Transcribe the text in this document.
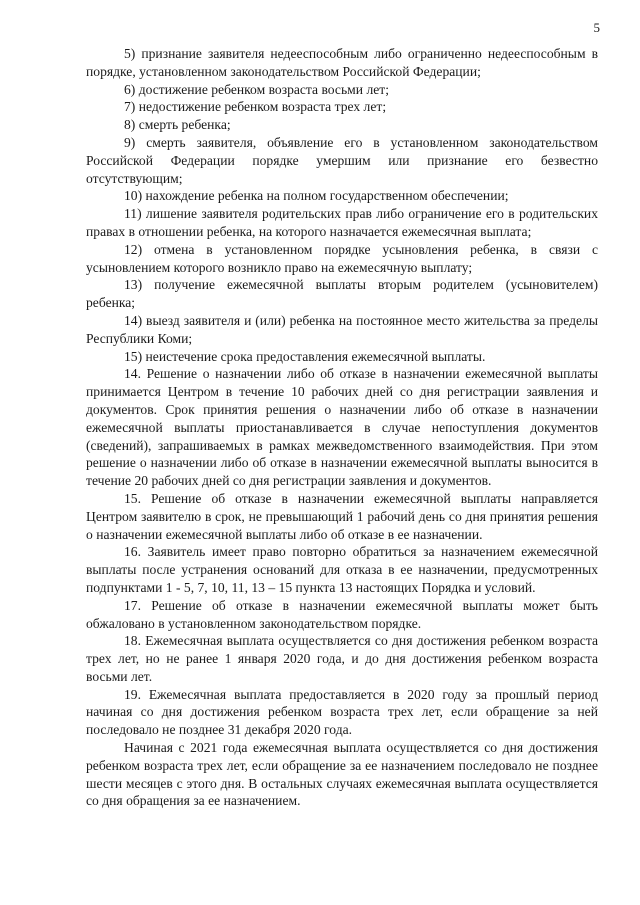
5

5) признание заявителя недееспособным либо ограниченно недееспособным в порядке, установленном законодательством Российской Федерации;

6) достижение ребенком возраста восьми лет;

7) недостижение ребенком возраста трех лет;

8) смерть ребенка;

9) смерть заявителя, объявление его в установленном законодательством Российской Федерации порядке умершим или признание его безвестно отсутствующим;

10) нахождение ребенка на полном государственном обеспечении;

11) лишение заявителя родительских прав либо ограничение его в родительских правах в отношении ребенка, на которого назначается ежемесячная выплата;

12) отмена в установленном порядке усыновления ребенка, в связи с усыновлением которого возникло право на ежемесячную выплату;

13) получение ежемесячной выплаты вторым родителем (усыновителем) ребенка;

14) выезд заявителя и (или) ребенка на постоянное место жительства за пределы Республики Коми;

15) неистечение срока предоставления ежемесячной выплаты.

14. Решение о назначении либо об отказе в назначении ежемесячной выплаты принимается Центром в течение 10 рабочих дней со дня регистрации заявления и документов. Срок принятия решения о назначении либо об отказе в назначении ежемесячной выплаты приостанавливается в случае непоступления документов (сведений), запрашиваемых в рамках межведомственного взаимодействия. При этом решение о назначении либо об отказе в назначении ежемесячной выплаты выносится в течение 20 рабочих дней со дня регистрации заявления и документов.

15. Решение об отказе в назначении ежемесячной выплаты направляется Центром заявителю в срок, не превышающий 1 рабочий день со дня принятия решения о назначении ежемесячной выплаты либо об отказе в ее назначении.

16. Заявитель имеет право повторно обратиться за назначением ежемесячной выплаты после устранения оснований для отказа в ее назначении, предусмотренных подпунктами 1 - 5, 7, 10, 11, 13 – 15 пункта 13 настоящих Порядка и условий.

17. Решение об отказе в назначении ежемесячной выплаты может быть обжаловано в установленном законодательством порядке.

18. Ежемесячная выплата осуществляется со дня достижения ребенком возраста трех лет, но не ранее 1 января 2020 года, и до дня достижения ребенком возраста восьми лет.

19. Ежемесячная выплата предоставляется в 2020 году за прошлый период начиная со дня достижения ребенком возраста трех лет, если обращение за ней последовало не позднее 31 декабря 2020 года.

Начиная с 2021 года ежемесячная выплата осуществляется со дня достижения ребенком возраста трех лет, если обращение за ее назначением последовало не позднее шести месяцев с этого дня. В остальных случаях ежемесячная выплата осуществляется со дня обращения за ее назначением.
